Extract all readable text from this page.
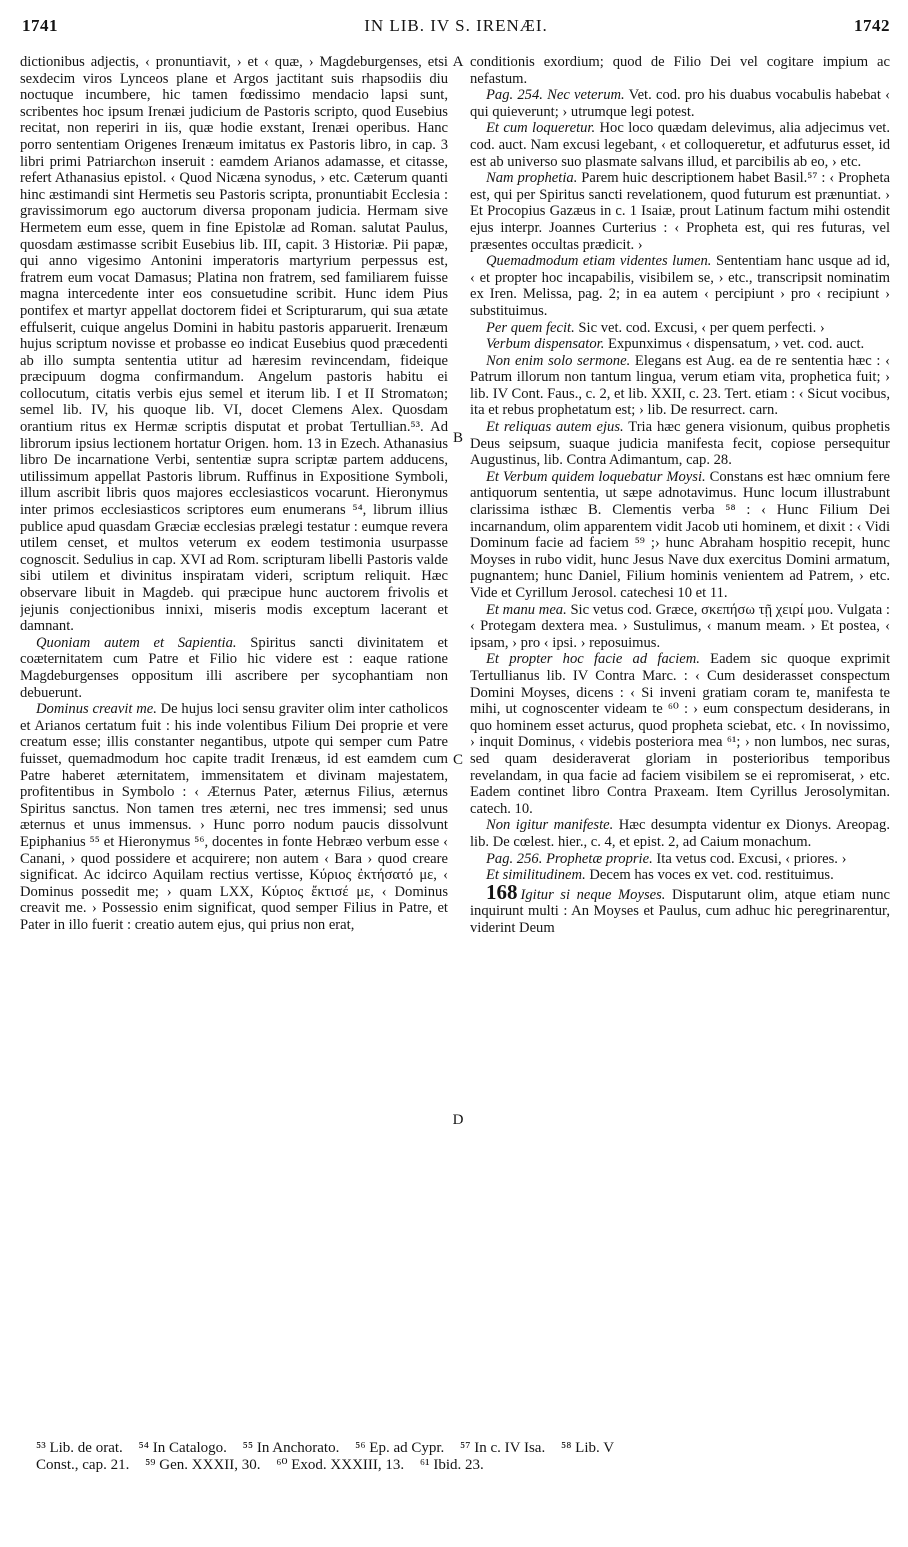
1741	IN LIB. IV S. IRENÆI.	1742

dictionibus adjectis, ‹ pronuntiavit, › et ‹ quæ, › Magdeburgenses, etsi sexdecim viros Lynceos plane et Argos jactitant suis rhapsodiis diu noctuque incumbere, hic tamen fœdissimo mendacio lapsi sunt, scribentes hoc ipsum Irenæi judicium de Pastoris scripto, quod Eusebius recitat, non reperiri in iis, quæ hodie exstant, Irenæi operibus. Hanc porro sententiam Origenes Irenæum imitatus ex Pastoris libro, in cap. 3 libri primi Patriarchωn inseruit : eamdem Arianos adamasse, et citasse, refert Athanasius epistol. ‹ Quod Nicæna synodus, › etc. Cæterum quanti hinc æstimandi sint Hermetis seu Pastoris scripta, pronuntiabit Ecclesia : gravissimorum ego auctorum diversa proponam judicia. Hermam sive Hermetem eum esse, quem in fine Epistolæ ad Roman. salutat Paulus, quosdam æstimasse scribit Eusebius lib. III, capit. 3 Historiæ. Pii papæ, qui anno vigesimo Antonini imperatoris martyrium perpessus est, fratrem eum vocat Damasus; Platina non fratrem, sed familiarem fuisse magna intercedente inter eos consuetudine scribit. Hunc idem Pius pontifex et martyr appellat doctorem fidei et Scripturarum, qui sua ætate effulserit, cuique angelus Domini in habitu pastoris apparuerit. Irenæum hujus scriptum novisse et probasse eo indicat Eusebius quod præcedenti ab illo sumpta sententia utitur ad hæresim revincendam, fideique præcipuum dogma confirmandum. Angelum pastoris habitu ei collocutum, citatis verbis ejus semel et iterum lib. I et II Stromatωn; semel lib. IV, his quoque lib. VI, docet Clemens Alex. Quosdam orantium ritus ex Hermæ scriptis disputat et probat Tertullian.⁵³. Ad librorum ipsius lectionem hortatur Origen. hom. 13 in Ezech. Athanasius libro De incarnatione Verbi, sententiæ supra scriptæ partem adducens, utilissimum appellat Pastoris librum. Ruffinus in Expositione Symboli, illum ascribit libris quos majores ecclesiasticos vocarunt. Hieronymus inter primos ecclesiasticos scriptores eum enumerans ⁵⁴, librum illius publice apud quasdam Græciæ ecclesias prælegi testatur : eumque revera utilem censet, et multos veterum ex eodem testimonia usurpasse cognoscit. Sedulius in cap. XVI ad Rom. scripturam libelli Pastoris valde sibi utilem et divinitus inspiratam videri, scriptum reliquit. Hæc observare libuit in Magdeb. qui præcipue hunc auctorem frivolis et jejunis conjectionibus innixi, miseris modis exceptum lacerant et damnant.

Quoniam autem et Sapientia. Spiritus sancti divinitatem et coæternitatem cum Patre et Filio hic videre est : eaque ratione Magdeburgenses oppositum illi ascribere per sycophantiam non debuerunt.

Dominus creavit me. De hujus loci sensu graviter olim inter catholicos et Arianos certatum fuit : his inde volentibus Filium Dei proprie et vere creatum esse; illis constanter negantibus, utpote qui semper cum Patre fuisset, quemadmodum hoc capite tradit Irenæus, id est eamdem cum Patre haberet æternitatem, immensitatem et divinam majestatem, profitentibus in Symbolo : ‹ Æternus Pater, æternus Filius, æternus Spiritus sanctus. Non tamen tres æterni, nec tres immensi; sed unus æternus et unus immensus. › Hunc porro nodum paucis dissolvunt Epiphanius ⁵⁵ et Hieronymus ⁵⁶, docentes in fonte Hebræo verbum esse ‹ Canani, › quod possidere et acquirere; non autem ‹ Bara › quod creare significat. Ac idcirco Aquilam rectius vertisse, Κύριος ἐκτήσατό με, ‹ Dominus possedit me; › quam LXX, Κύριος ἔκτισέ με, ‹ Dominus creavit me. › Possessio enim significat, quod semper Filius in Patre, et Pater in illo fuerit : creatio autem ejus, qui prius non erat,

A
B
C
D

conditionis exordium; quod de Filio Dei vel cogitare impium ac nefastum.

Pag. 254. Nec veterum. Vet. cod. pro his duabus vocabulis habebat ‹ qui quieverunt; › utrumque legi potest.

Et cum loqueretur. Hoc loco quædam delevimus, alia adjecimus vet. cod. auct. Nam excusi legebant, ‹ et colloqueretur, et adfuturus esset, id est ab universo suo plasmate salvans illud, et parcibilis ab eo, › etc.

Nam prophetia. Parem huic descriptionem habet Basil.⁵⁷ : ‹ Propheta est, qui per Spiritus sancti revelationem, quod futurum est prænuntiat. › Et Procopius Gazæus in c. 1 Isaiæ, prout Latinum factum mihi ostendit ejus interpr. Joannes Curterius : ‹ Propheta est, qui res futuras, vel præsentes occultas prædicit. ›

Quemadmodum etiam videntes lumen. Sententiam hanc usque ad id, ‹ et propter hoc incapabilis, visibilem se, › etc., transcripsit nominatim ex Iren. Melissa, pag. 2; in ea autem ‹ percipiunt › pro ‹ recipiunt › substituimus.

Per quem fecit. Sic vet. cod. Excusi, ‹ per quem perfecti. ›

Verbum dispensator. Expunximus ‹ dispensatum, › vet. cod. auct.

Non enim solo sermone. Elegans est Aug. ea de re sententia hæc : ‹ Patrum illorum non tantum lingua, verum etiam vita, prophetica fuit; › lib. IV Cont. Faus., c. 2, et lib. XXII, c. 23. Tert. etiam : ‹ Sicut vocibus, ita et rebus prophetatum est; › lib. De resurrect. carn.

Et reliquas autem ejus. Tria hæc genera visionum, quibus prophetis Deus seipsum, suaque judicia manifesta fecit, copiose persequitur Augustinus, lib. Contra Adimantum, cap. 28.

Et Verbum quidem loquebatur Moysi. Constans est hæc omnium fere antiquorum sententia, ut sæpe adnotavimus. Hunc locum illustrabunt clarissima isthæc B. Clementis verba ⁵⁸ : ‹ Hunc Filium Dei incarnandum, olim apparentem vidit Jacob uti hominem, et dixit : ‹ Vidi Dominum facie ad faciem ⁵⁹ ;› hunc Abraham hospitio recepit, hunc Moyses in rubo vidit, hunc Jesus Nave dux exercitus Domini armatum, pugnantem; hunc Daniel, Filium hominis venientem ad Patrem, › etc. Vide et Cyrillum Jerosol. catechesi 10 et 11.

Et manu mea. Sic vetus cod. Græce, σκεπήσω τῇ χειρί μου. Vulgata : ‹ Protegam dextera mea. › Sustulimus, ‹ manum meam. › Et postea, ‹ ipsam, › pro ‹ ipsi. › reposuimus.

Et propter hoc facie ad faciem. Eadem sic quoque exprimit Tertullianus lib. IV Contra Marc. : ‹ Cum desiderasset conspectum Domini Moyses, dicens : ‹ Si inveni gratiam coram te, manifesta te mihi, ut cognoscenter videam te ⁶⁰ : › eum conspectum desiderans, in quo hominem esset acturus, quod propheta sciebat, etc. ‹ In novissimo, › inquit Dominus, ‹ videbis posteriora mea ⁶¹; › non lumbos, nec suras, sed quam desideraverat gloriam in posterioribus temporibus revelandam, in qua facie ad faciem visibilem se ei repromiserat, › etc. Eadem continet libro Contra Praxeam. Item Cyrillus Jerosolymitan. catech. 10.

Non igitur manifeste. Hæc desumpta videntur ex Dionys. Areopag. lib. De cœlest. hier., c. 4, et epist. 2, ad Caium monachum.

Pag. 256. Prophetæ proprie. Ita vetus cod. Excusi, ‹ priores. ›

Et similitudinem. Decem has voces ex vet. cod. restituimus.

168 Igitur si neque Moyses. Disputarunt olim, atque etiam nunc inquirunt multi : An Moyses et Paulus, cum adhuc hic peregrinarentur, viderint Deum

⁵³ Lib. de orat. ⁵⁴ In Catalogo. ⁵⁵ In Anchorato. ⁵⁶ Ep. ad Cypr. ⁵⁷ In c. IV Isa. ⁵⁸ Lib. V
Const., cap. 21. ⁵⁹ Gen. XXXII, 30. ⁶⁰ Exod. XXXIII, 13. ⁶¹ Ibid. 23.
